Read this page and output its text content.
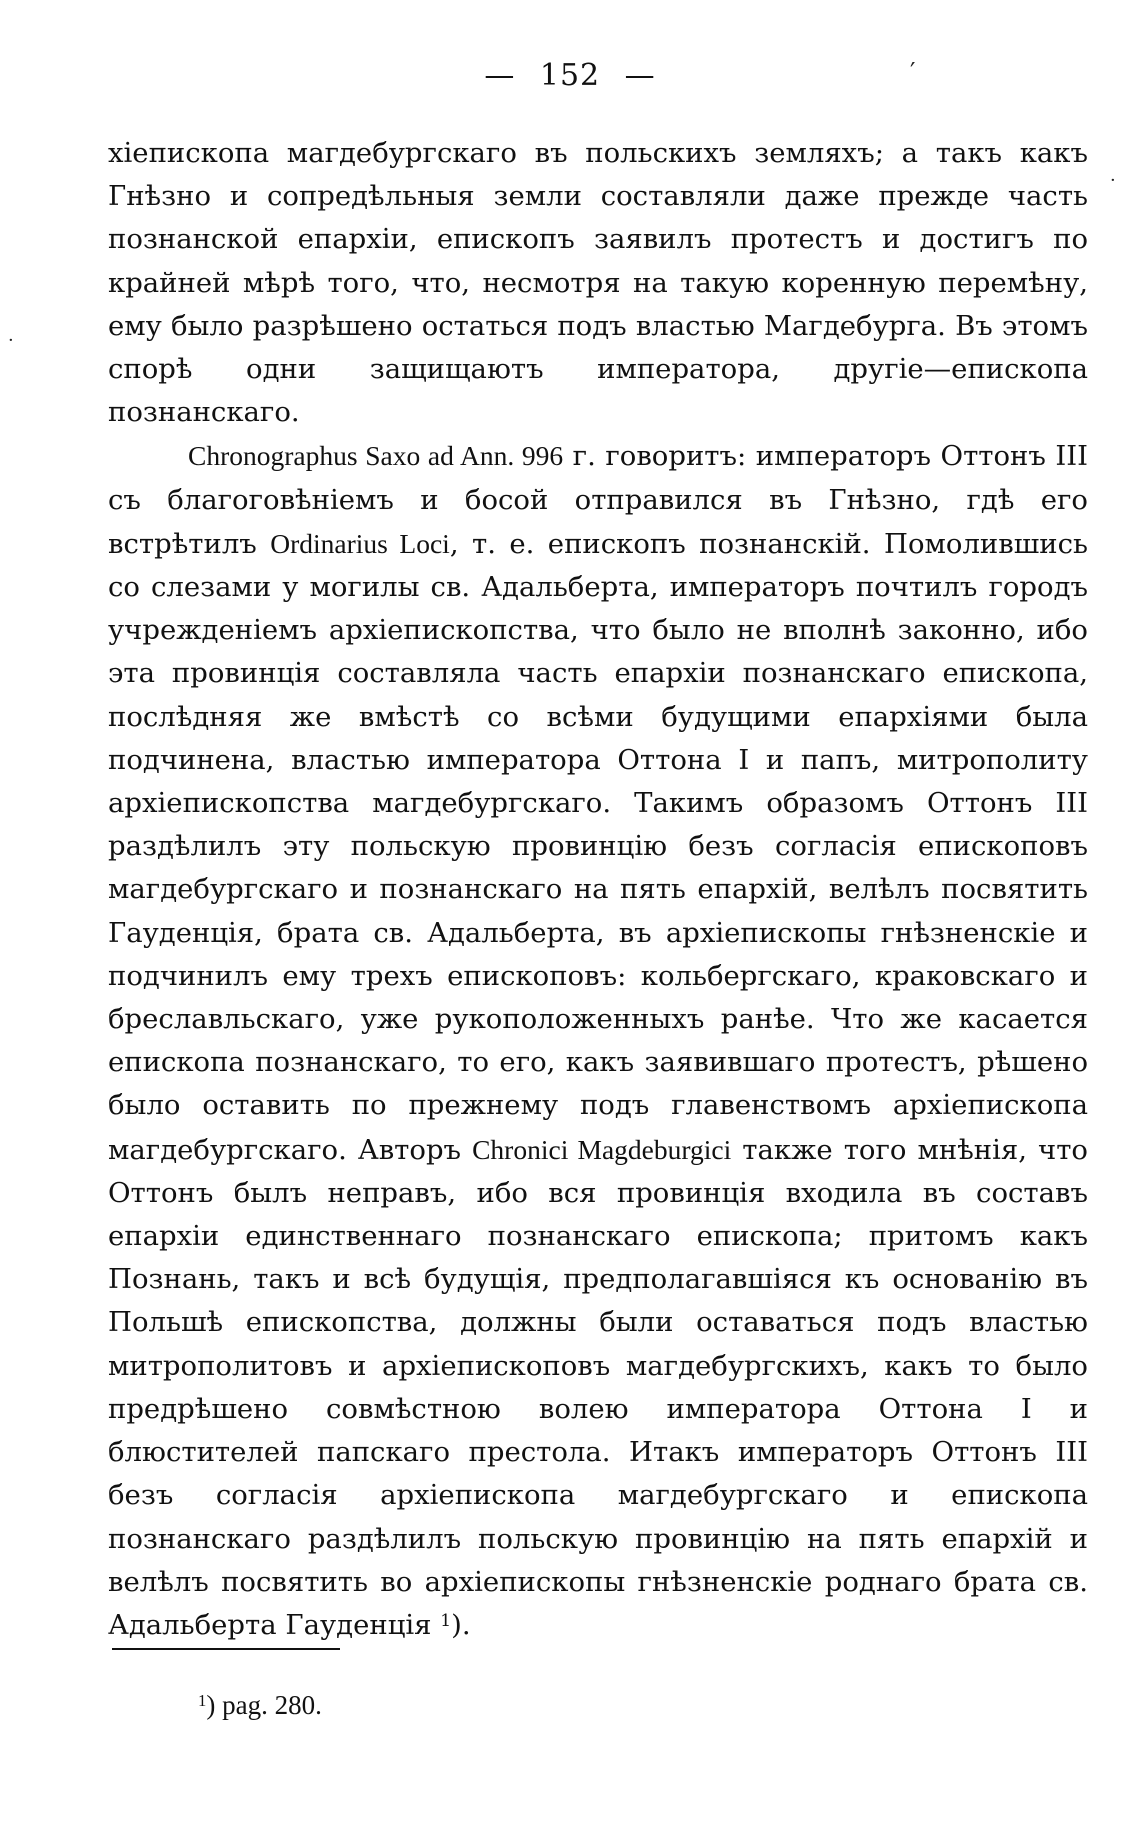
— 152 —	′
·
·

хіепископа магдебургскаго въ польскихъ земляхъ; а такъ какъ Гнѣзно и сопредѣльныя земли составляли даже прежде часть познанской епархіи, епископъ заявилъ протестъ и достигъ по крайней мѣрѣ того, что, несмотря на такую коренную перемѣну, ему было разрѣшено остаться подъ властью Магдебурга. Въ этомъ спорѣ одни защищаютъ императора, другіе—епископа познанскаго.

Chronographus Saxo ad Ann. 996 г. говоритъ: императоръ Оттонъ III съ благоговѣніемъ и босой отправился въ Гнѣзно, гдѣ его встрѣтилъ Ordinarius Loci, т. е. епископъ познанскій. Помолившись со слезами у могилы св. Адальберта, императоръ почтилъ городъ учрежденіемъ архіепископства, что было не вполнѣ законно, ибо эта провинція составляла часть епархіи познанскаго епископа, послѣдняя же вмѣстѣ со всѣми будущими епархіями была подчинена, властью императора Оттона I и папъ, митрополиту архіепископства магдебургскаго. Такимъ образомъ Оттонъ III раздѣлилъ эту польскую провинцію безъ согласія епископовъ магдебургскаго и познанскаго на пять епархій, велѣлъ посвятить Гауденція, брата св. Адальберта, въ архіепископы гнѣзненскіе и подчинилъ ему трехъ епископовъ: кольбергскаго, краковскаго и бреславльскаго, уже рукоположенныхъ ранѣе. Что же касается епископа познанскаго, то его, какъ заявившаго протестъ, рѣшено было оставить по прежнему подъ главенствомъ архіепископа магдебургскаго. Авторъ Chronici Magdeburgici также того мнѣнія, что Оттонъ былъ неправъ, ибо вся провинція входила въ составъ епархіи единственнаго познанскаго епископа; притомъ какъ Познань, такъ и всѣ будущія, предполагавшіяся къ основанію въ Польшѣ епископства, должны были оставаться подъ властью митрополитовъ и архіепископовъ магдебургскихъ, какъ то было предрѣшено совмѣстною волею императора Оттона I и блюстителей папскаго престола. Итакъ императоръ Оттонъ III безъ согласія архіепископа магдебургскаго и епископа познанскаго раздѣлилъ польскую провинцію на пять епархій и велѣлъ посвятить во архіепископы гнѣзненскіе роднаго брата св. Адальберта Гауденція $^1$).

$^1$) pag. 280.
